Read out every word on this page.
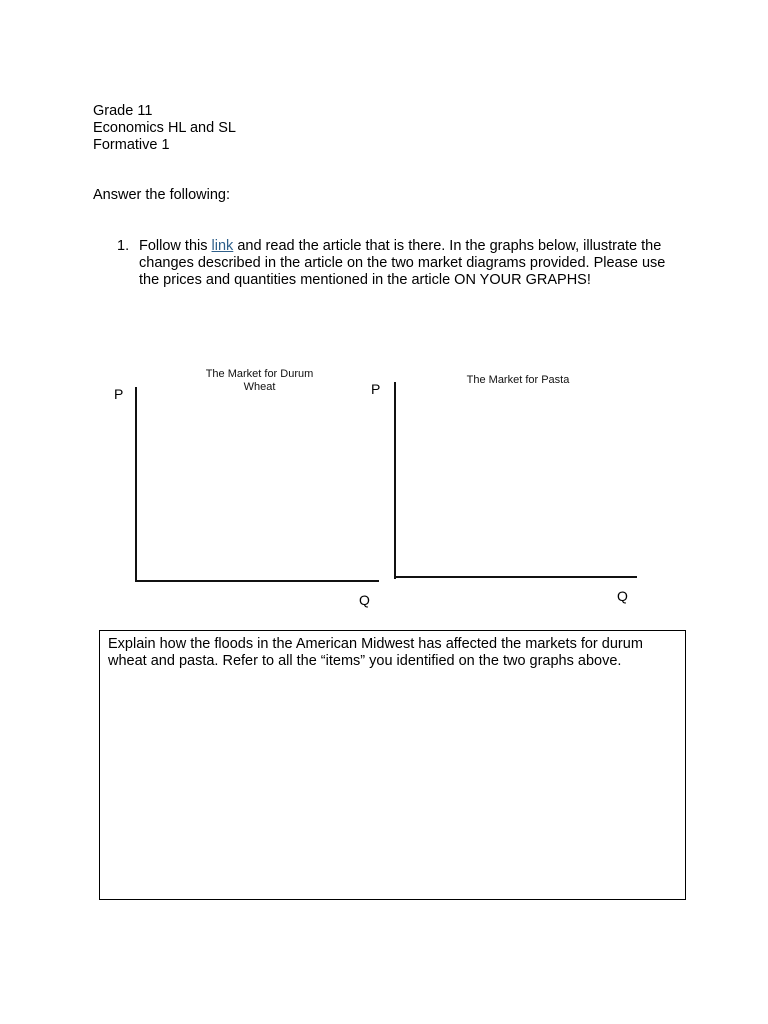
Grade 11
Economics HL and SL
Formative 1
Answer the following:
1. Follow this link and read the article that is there. In the graphs below, illustrate the changes described in the article on the two market diagrams provided. Please use the prices and quantities mentioned in the article ON YOUR GRAPHS!
The Market for Durum
Wheat
P
Q
The Market for Pasta
P
Q
Explain how the floods in the American Midwest has affected the markets for durum wheat and pasta. Refer to all the “items” you identified on the two graphs above.
